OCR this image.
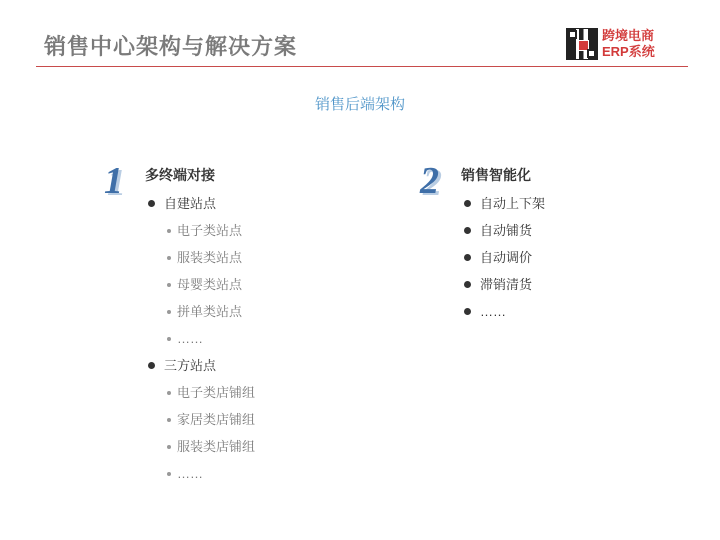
销售中心架构与解决方案	跨境电商
ERP系统
销售后端架构
1	多终端对接
自建站点
电子类站点
服装类站点
母婴类站点
拼单类站点
……
三方站点
电子类店铺组
家居类店铺组
服装类店铺组
……
2	销售智能化
自动上下架
自动铺货
自动调价
滞销清货
……
